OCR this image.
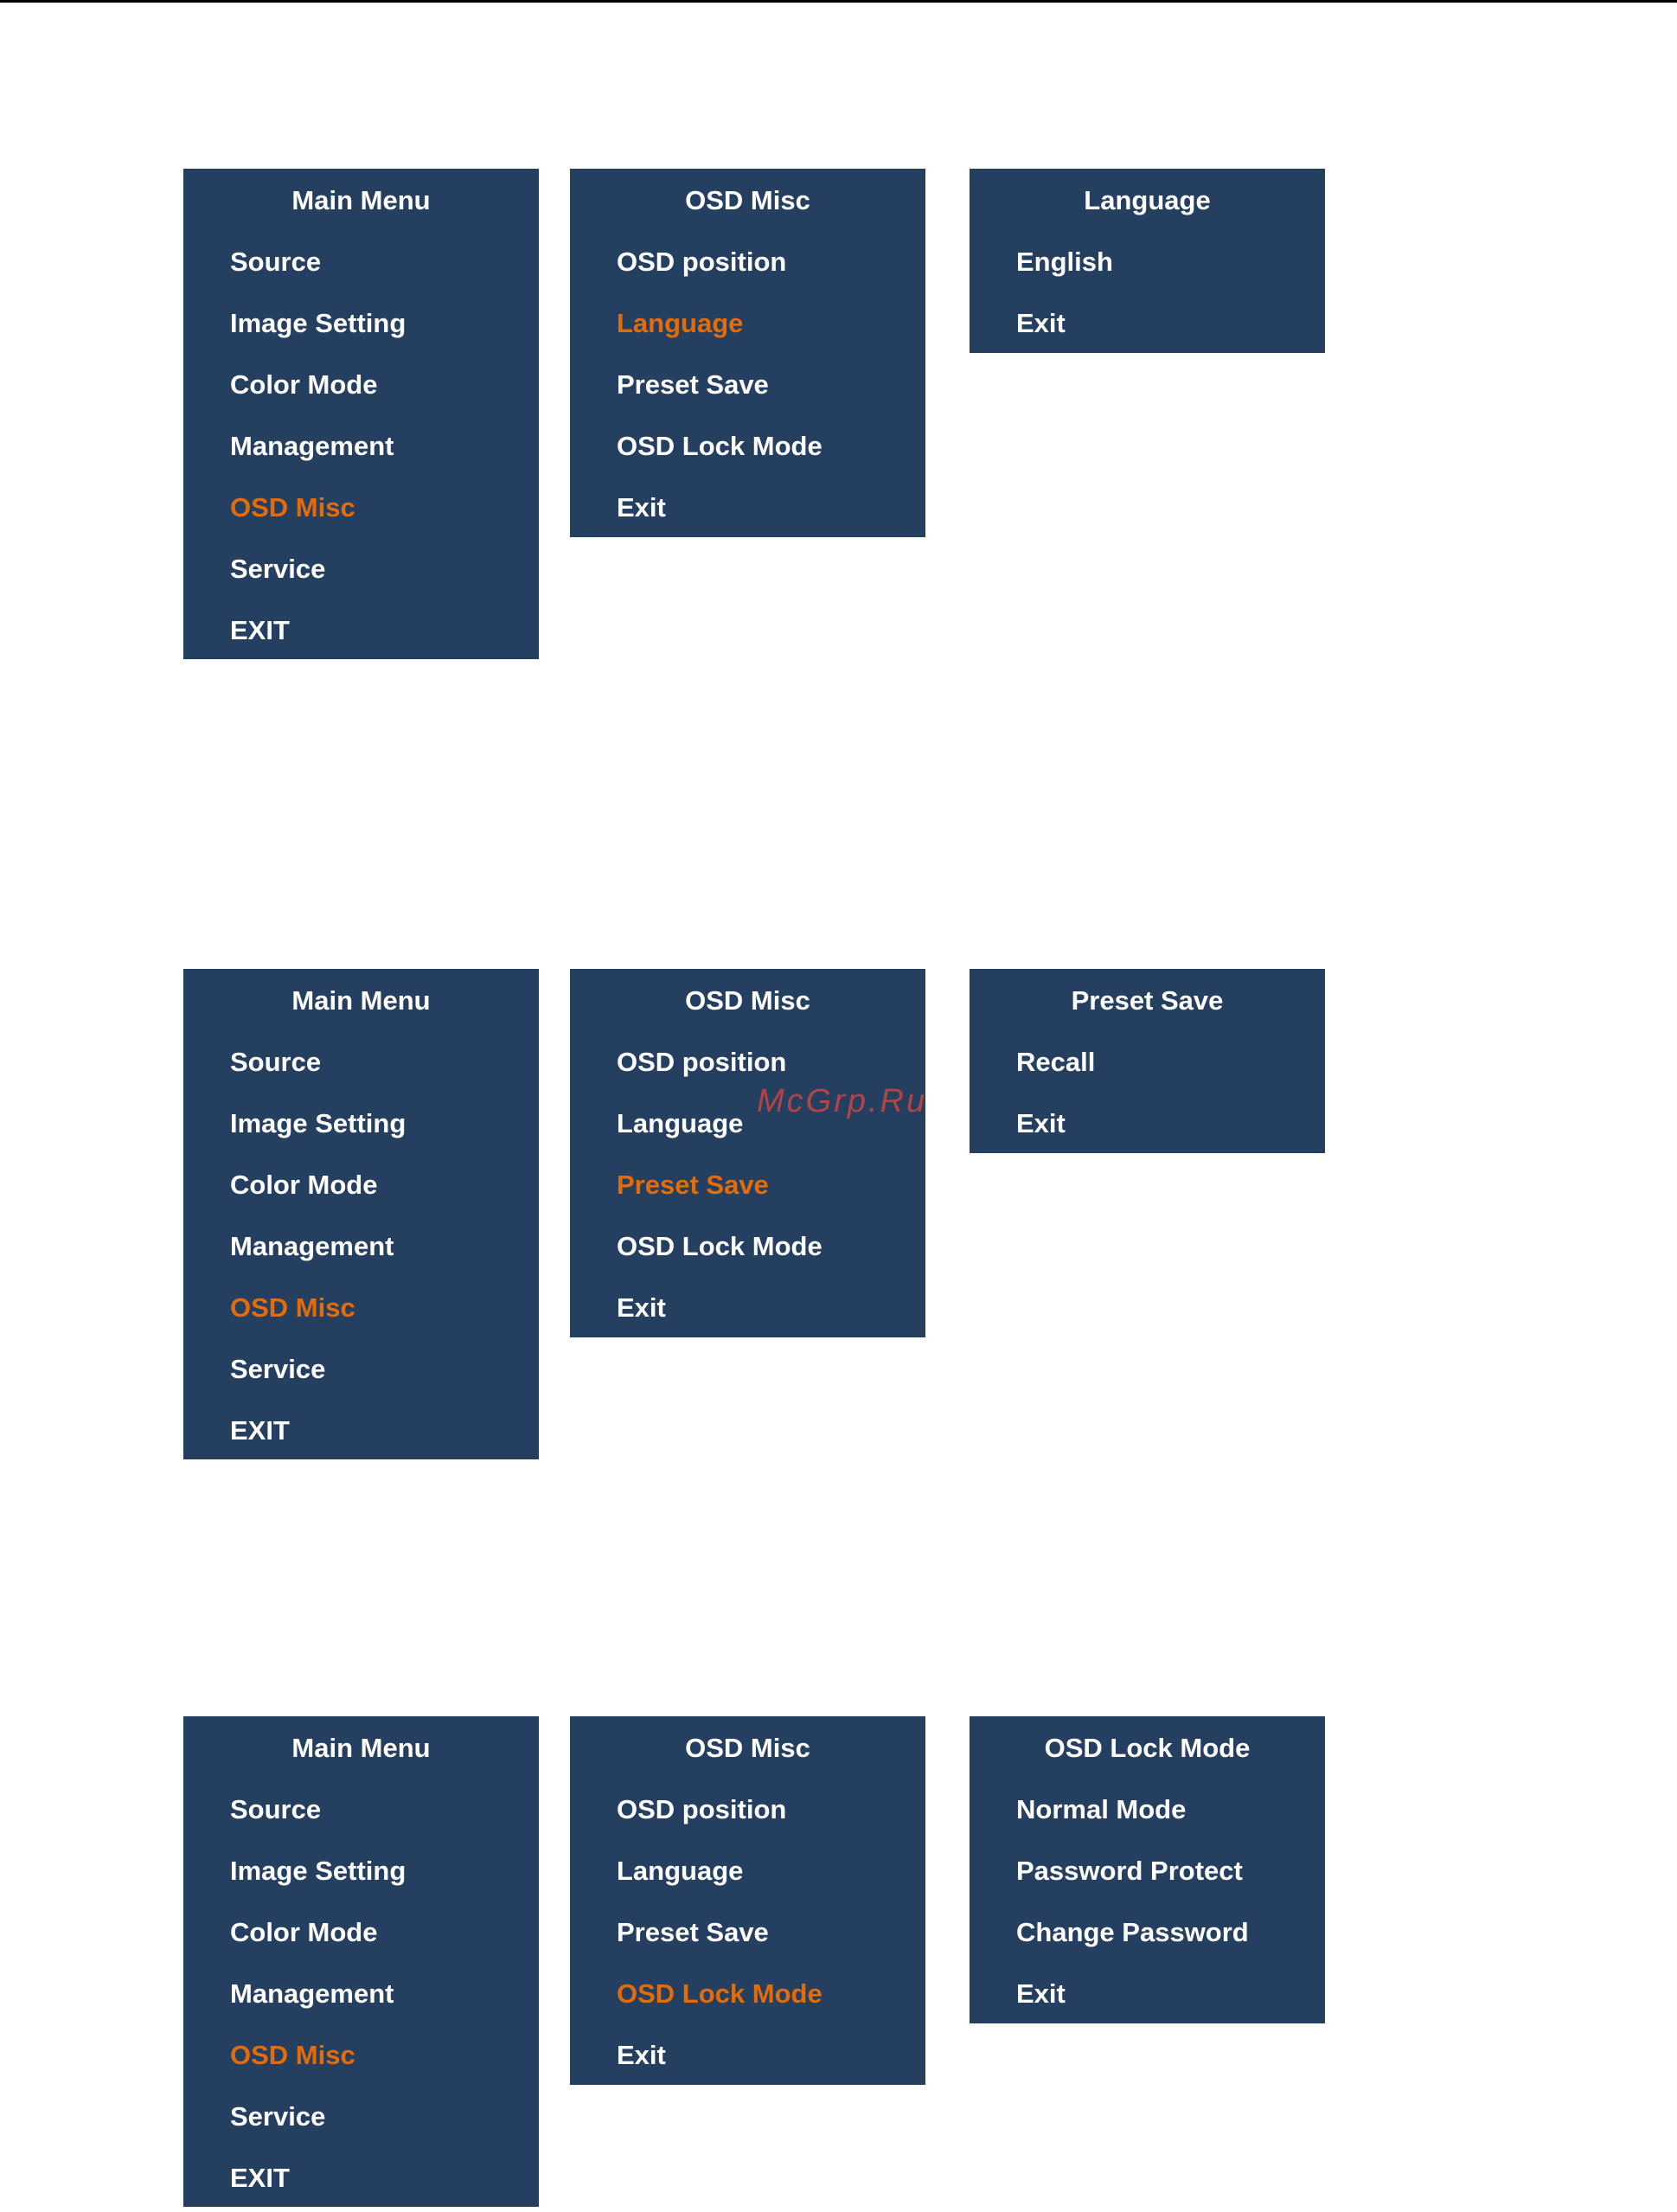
Main Menu
Source
Image Setting
Color Mode
Management
OSD Misc
Service
EXIT
OSD Misc
OSD position
Language
Preset Save
OSD Lock Mode
Exit
Language
English
Exit
Main Menu
Source
Image Setting
Color Mode
Management
OSD Misc
Service
EXIT
OSD Misc
OSD position
Language
Preset Save
OSD Lock Mode
Exit
Preset Save
Recall
Exit
Main Menu
Source
Image Setting
Color Mode
Management
OSD Misc
Service
EXIT
OSD Misc
OSD position
Language
Preset Save
OSD Lock Mode
Exit
OSD Lock Mode
Normal Mode
Password Protect
Change Password
Exit
McGrp.Ru
